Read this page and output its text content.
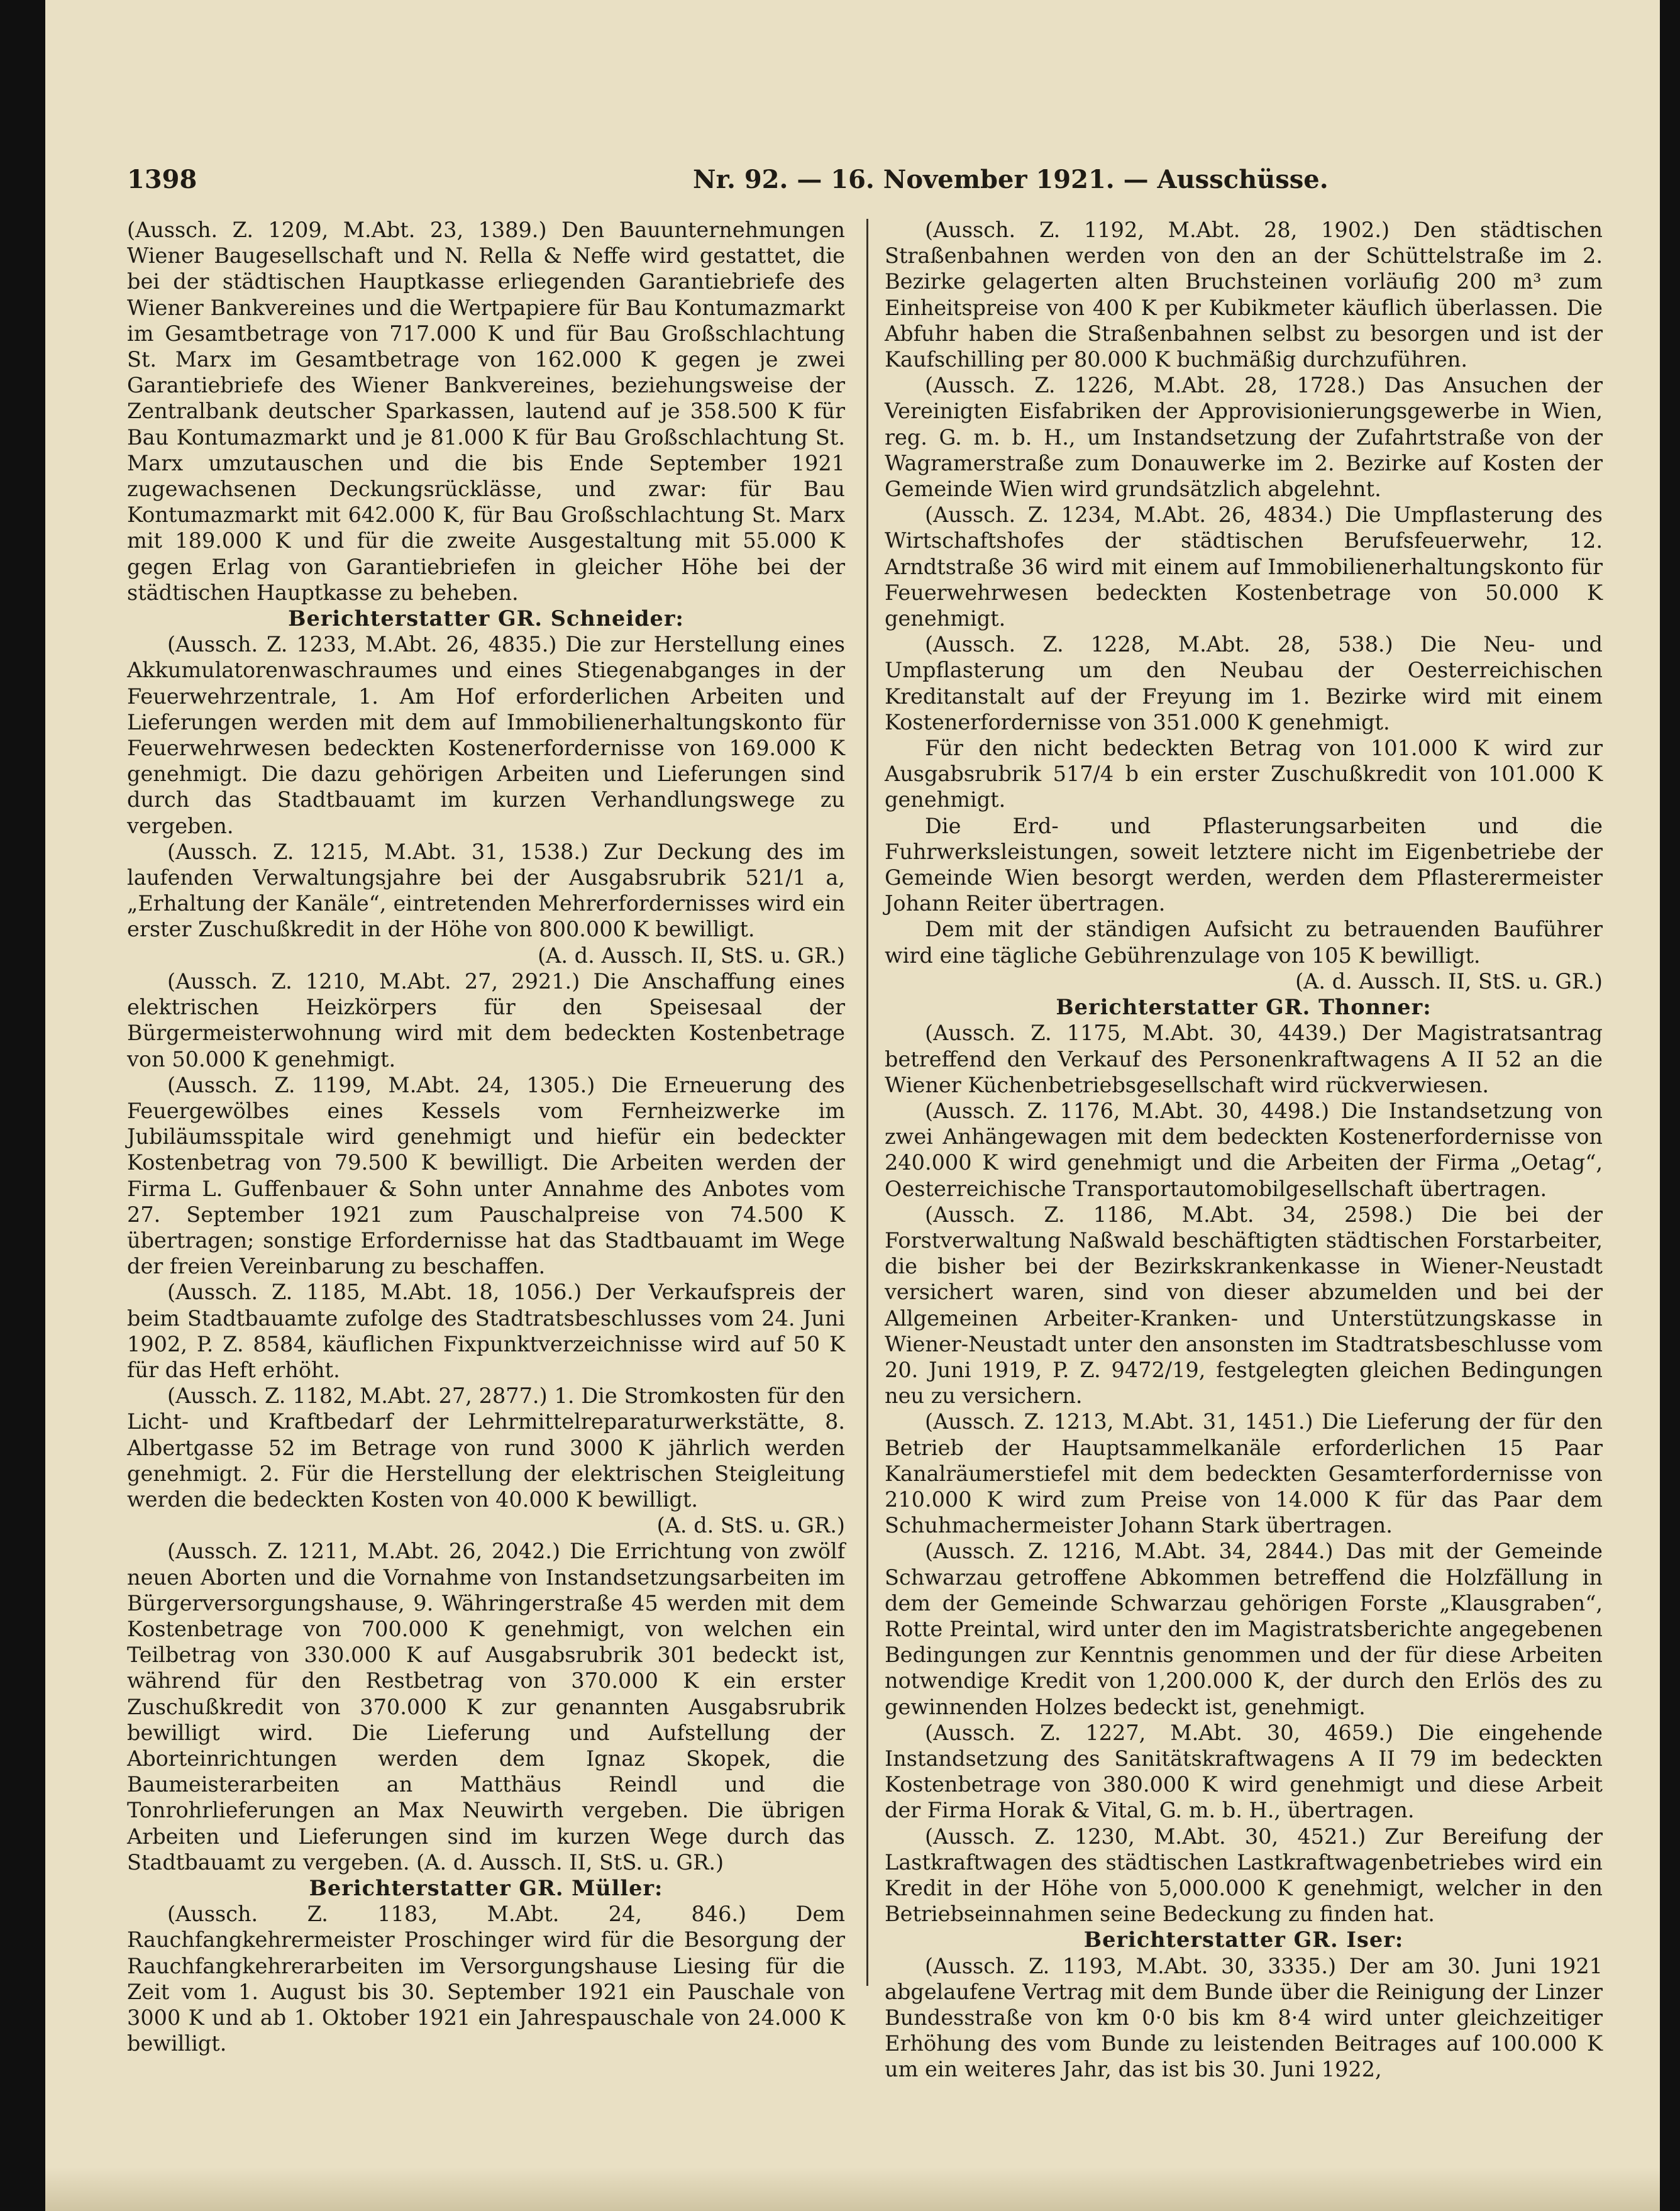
1398	Nr. 92. — 16. November 1921. — Ausschüsse.

(Aussch. Z. 1209, M.Abt. 23, 1389.) Den Bauunternehmungen Wiener Baugesellschaft und N. Rella & Neffe wird gestattet, die bei der städtischen Hauptkasse erliegenden Garantiebriefe des Wiener Bankvereines und die Wertpapiere für Bau Kontumazmarkt im Gesamtbetrage von 717.000 K und für Bau Großschlachtung St. Marx im Gesamtbetrage von 162.000 K gegen je zwei Garantiebriefe des Wiener Bankvereines, beziehungsweise der Zentralbank deutscher Sparkassen, lautend auf je 358.500 K für Bau Kontumazmarkt und je 81.000 K für Bau Großschlachtung St. Marx umzutauschen und die bis Ende September 1921 zugewachsenen Deckungsrücklässe, und zwar: für Bau Kontumazmarkt mit 642.000 K, für Bau Großschlachtung St. Marx mit 189.000 K und für die zweite Ausgestaltung mit 55.000 K gegen Erlag von Garantiebriefen in gleicher Höhe bei der städtischen Hauptkasse zu beheben.

Berichterstatter GR. Schneider:

(Aussch. Z. 1233, M.Abt. 26, 4835.) Die zur Herstellung eines Akkumulatorenwaschraumes und eines Stiegenabganges in der Feuerwehrzentrale, 1. Am Hof erforderlichen Arbeiten und Lieferungen werden mit dem auf Immobilienerhaltungskonto für Feuerwehrwesen bedeckten Kostenerfordernisse von 169.000 K genehmigt. Die dazu gehörigen Arbeiten und Lieferungen sind durch das Stadtbauamt im kurzen Verhandlungswege zu vergeben.

(Aussch. Z. 1215, M.Abt. 31, 1538.) Zur Deckung des im laufenden Verwaltungsjahre bei der Ausgabsrubrik 521/1 a, „Erhaltung der Kanäle“, eintretenden Mehrerfordernisses wird ein erster Zuschußkredit in der Höhe von 800.000 K bewilligt.

(A. d. Aussch. II, StS. u. GR.)

(Aussch. Z. 1210, M.Abt. 27, 2921.) Die Anschaffung eines elektrischen Heizkörpers für den Speisesaal der Bürgermeisterwohnung wird mit dem bedeckten Kostenbetrage von 50.000 K genehmigt.

(Aussch. Z. 1199, M.Abt. 24, 1305.) Die Erneuerung des Feuergewölbes eines Kessels vom Fernheizwerke im Jubiläumsspitale wird genehmigt und hiefür ein bedeckter Kostenbetrag von 79.500 K bewilligt. Die Arbeiten werden der Firma L. Guffenbauer & Sohn unter Annahme des Anbotes vom 27. September 1921 zum Pauschalpreise von 74.500 K übertragen; sonstige Erfordernisse hat das Stadtbauamt im Wege der freien Vereinbarung zu beschaffen.

(Aussch. Z. 1185, M.Abt. 18, 1056.) Der Verkaufspreis der beim Stadtbauamte zufolge des Stadtratsbeschlusses vom 24. Juni 1902, P. Z. 8584, käuflichen Fixpunktverzeichnisse wird auf 50 K für das Heft erhöht.

(Aussch. Z. 1182, M.Abt. 27, 2877.) 1. Die Stromkosten für den Licht- und Kraftbedarf der Lehrmittelreparaturwerkstätte, 8. Albertgasse 52 im Betrage von rund 3000 K jährlich werden genehmigt. 2. Für die Herstellung der elektrischen Steigleitung werden die bedeckten Kosten von 40.000 K bewilligt.

(A. d. StS. u. GR.)

(Aussch. Z. 1211, M.Abt. 26, 2042.) Die Errichtung von zwölf neuen Aborten und die Vornahme von Instandsetzungsarbeiten im Bürgerversorgungshause, 9. Währingerstraße 45 werden mit dem Kostenbetrage von 700.000 K genehmigt, von welchen ein Teilbetrag von 330.000 K auf Ausgabsrubrik 301 bedeckt ist, während für den Restbetrag von 370.000 K ein erster Zuschußkredit von 370.000 K zur genannten Ausgabsrubrik bewilligt wird. Die Lieferung und Aufstellung der Aborteinrichtungen werden dem Ignaz Skopek, die Baumeisterarbeiten an Matthäus Reindl und die Tonrohrlieferungen an Max Neuwirth vergeben. Die übrigen Arbeiten und Lieferungen sind im kurzen Wege durch das Stadtbauamt zu vergeben. (A. d. Aussch. II, StS. u. GR.)

Berichterstatter GR. Müller:

(Aussch. Z. 1183, M.Abt. 24, 846.) Dem Rauchfangkehrermeister Proschinger wird für die Besorgung der Rauchfangkehrerarbeiten im Versorgungshause Liesing für die Zeit vom 1. August bis 30. September 1921 ein Pauschale von 3000 K und ab 1. Oktober 1921 ein Jahrespauschale von 24.000 K bewilligt.

(Aussch. Z. 1192, M.Abt. 28, 1902.) Den städtischen Straßenbahnen werden von den an der Schüttelstraße im 2. Bezirke gelagerten alten Bruchsteinen vorläufig 200 m³ zum Einheitspreise von 400 K per Kubikmeter käuflich überlassen. Die Abfuhr haben die Straßenbahnen selbst zu besorgen und ist der Kaufschilling per 80.000 K buchmäßig durchzuführen.

(Aussch. Z. 1226, M.Abt. 28, 1728.) Das Ansuchen der Vereinigten Eisfabriken der Approvisionierungsgewerbe in Wien, reg. G. m. b. H., um Instandsetzung der Zufahrtstraße von der Wagramerstraße zum Donauwerke im 2. Bezirke auf Kosten der Gemeinde Wien wird grundsätzlich abgelehnt.

(Aussch. Z. 1234, M.Abt. 26, 4834.) Die Umpflasterung des Wirtschaftshofes der städtischen Berufsfeuerwehr, 12. Arndtstraße 36 wird mit einem auf Immobilienerhaltungskonto für Feuerwehrwesen bedeckten Kostenbetrage von 50.000 K genehmigt.

(Aussch. Z. 1228, M.Abt. 28, 538.) Die Neu- und Umpflasterung um den Neubau der Oesterreichischen Kreditanstalt auf der Freyung im 1. Bezirke wird mit einem Kostenerfordernisse von 351.000 K genehmigt.

Für den nicht bedeckten Betrag von 101.000 K wird zur Ausgabsrubrik 517/4 b ein erster Zuschußkredit von 101.000 K genehmigt.

Die Erd- und Pflasterungsarbeiten und die Fuhrwerksleistungen, soweit letztere nicht im Eigenbetriebe der Gemeinde Wien besorgt werden, werden dem Pflasterermeister Johann Reiter übertragen.

Dem mit der ständigen Aufsicht zu betrauenden Bauführer wird eine tägliche Gebührenzulage von 105 K bewilligt.

(A. d. Aussch. II, StS. u. GR.)

Berichterstatter GR. Thonner:

(Aussch. Z. 1175, M.Abt. 30, 4439.) Der Magistratsantrag betreffend den Verkauf des Personenkraftwagens A II 52 an die Wiener Küchenbetriebsgesellschaft wird rückverwiesen.

(Aussch. Z. 1176, M.Abt. 30, 4498.) Die Instandsetzung von zwei Anhängewagen mit dem bedeckten Kostenerfordernisse von 240.000 K wird genehmigt und die Arbeiten der Firma „Oetag“, Oesterreichische Transportautomobilgesellschaft übertragen.

(Aussch. Z. 1186, M.Abt. 34, 2598.) Die bei der Forstverwaltung Naßwald beschäftigten städtischen Forstarbeiter, die bisher bei der Bezirkskrankenkasse in Wiener-Neustadt versichert waren, sind von dieser abzumelden und bei der Allgemeinen Arbeiter-Kranken- und Unterstützungskasse in Wiener-Neustadt unter den ansonsten im Stadtratsbeschlusse vom 20. Juni 1919, P. Z. 9472/19, festgelegten gleichen Bedingungen neu zu versichern.

(Aussch. Z. 1213, M.Abt. 31, 1451.) Die Lieferung der für den Betrieb der Hauptsammelkanäle erforderlichen 15 Paar Kanalräumerstiefel mit dem bedeckten Gesamterfordernisse von 210.000 K wird zum Preise von 14.000 K für das Paar dem Schuhmachermeister Johann Stark übertragen.

(Aussch. Z. 1216, M.Abt. 34, 2844.) Das mit der Gemeinde Schwarzau getroffene Abkommen betreffend die Holzfällung in dem der Gemeinde Schwarzau gehörigen Forste „Klausgraben“, Rotte Preintal, wird unter den im Magistratsberichte angegebenen Bedingungen zur Kenntnis genommen und der für diese Arbeiten notwendige Kredit von 1,200.000 K, der durch den Erlös des zu gewinnenden Holzes bedeckt ist, genehmigt.

(Aussch. Z. 1227, M.Abt. 30, 4659.) Die eingehende Instandsetzung des Sanitätskraftwagens A II 79 im bedeckten Kostenbetrage von 380.000 K wird genehmigt und diese Arbeit der Firma Horak & Vital, G. m. b. H., übertragen.

(Aussch. Z. 1230, M.Abt. 30, 4521.) Zur Bereifung der Lastkraftwagen des städtischen Lastkraftwagenbetriebes wird ein Kredit in der Höhe von 5,000.000 K genehmigt, welcher in den Betriebseinnahmen seine Bedeckung zu finden hat.

Berichterstatter GR. Iser:

(Aussch. Z. 1193, M.Abt. 30, 3335.) Der am 30. Juni 1921 abgelaufene Vertrag mit dem Bunde über die Reinigung der Linzer Bundesstraße von km 0·0 bis km 8·4 wird unter gleichzeitiger Erhöhung des vom Bunde zu leistenden Beitrages auf 100.000 K um ein weiteres Jahr, das ist bis 30. Juni 1922,
